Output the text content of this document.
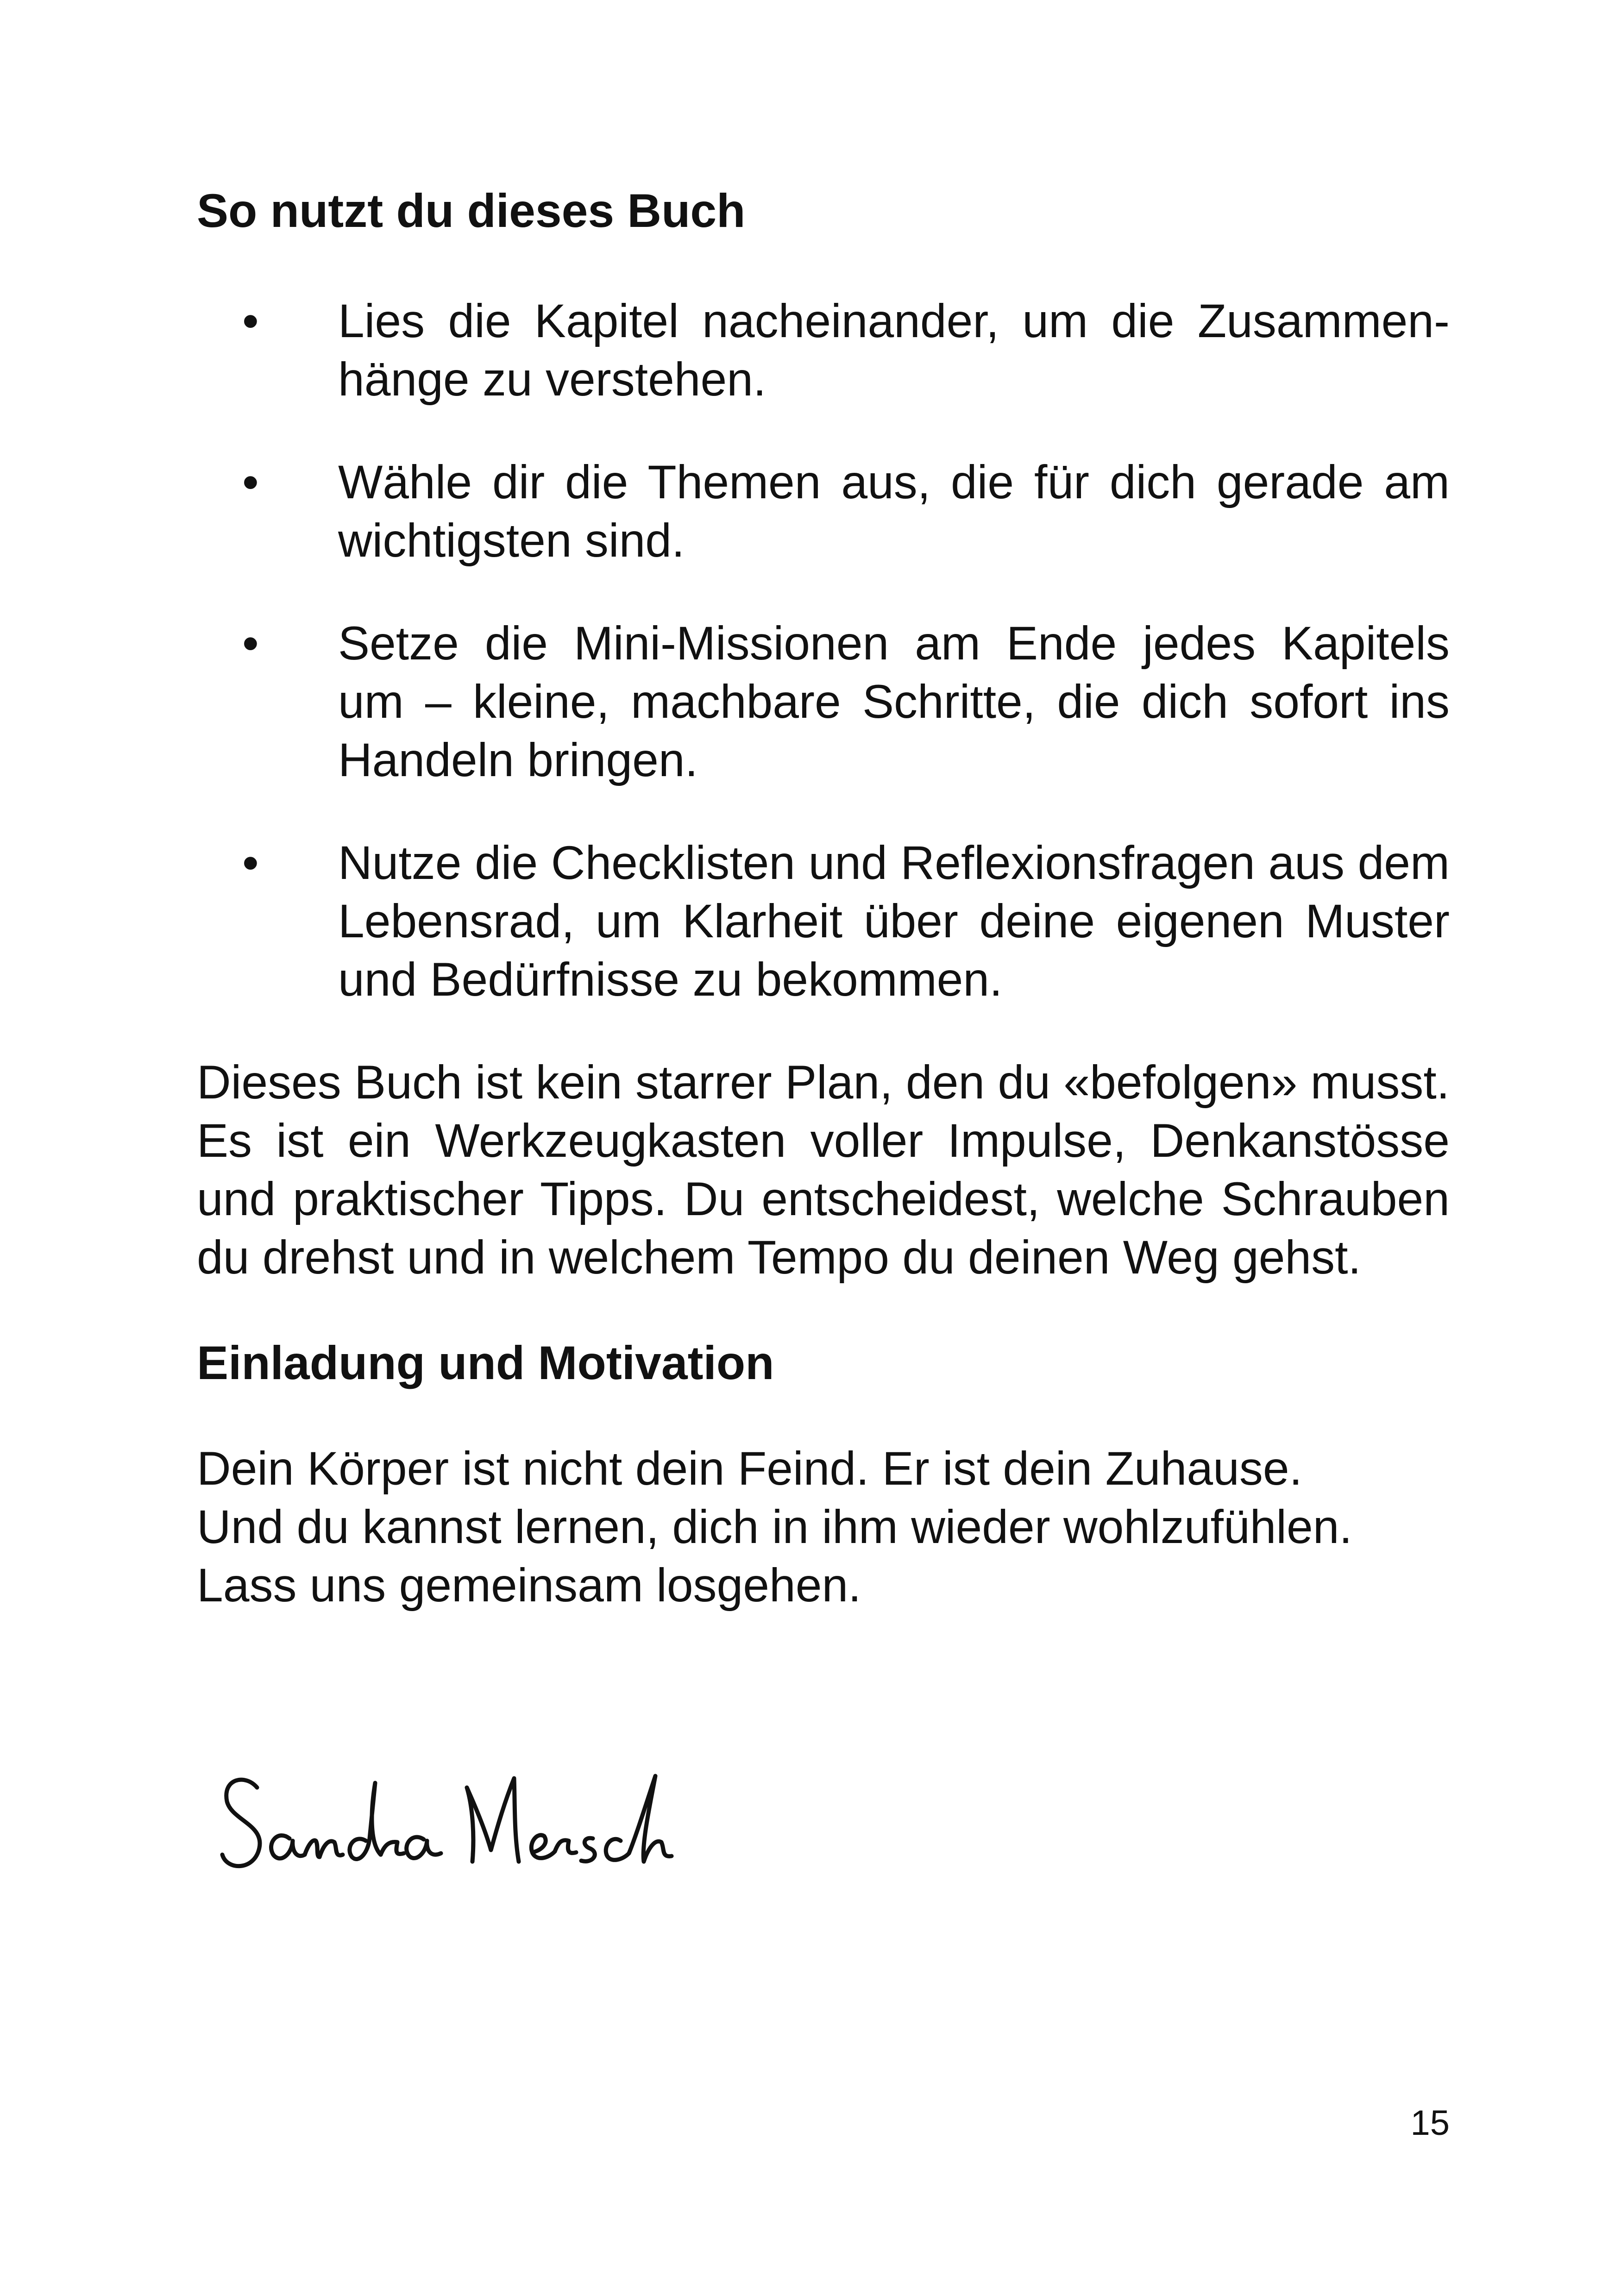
So nutzt du dieses Buch
• Lies die Kapitel nacheinander, um die Zusammen-hänge zu verstehen.
• Wähle dir die Themen aus, die für dich gerade am wichtigsten sind.
• Setze die Mini-Missionen am Ende jedes Kapitels um – kleine, machbare Schritte, die dich sofort ins Handeln bringen.
• Nutze die Checklisten und Reflexionsfragen aus dem Lebensrad, um Klarheit über deine eigenen Muster und Bedürfnisse zu bekommen.

Dieses Buch ist kein starrer Plan, den du «befolgen» musst. Es ist ein Werkzeugkasten voller Impulse, Denkanstösse und praktischer Tipps. Du entscheidest, welche Schrauben du drehst und in welchem Tempo du deinen Weg gehst.

Einladung und Motivation

Dein Körper ist nicht dein Feind. Er ist dein Zuhause.

Und du kannst lernen, dich in ihm wieder wohlzufühlen.

Lass uns gemeinsam losgehen.

15
